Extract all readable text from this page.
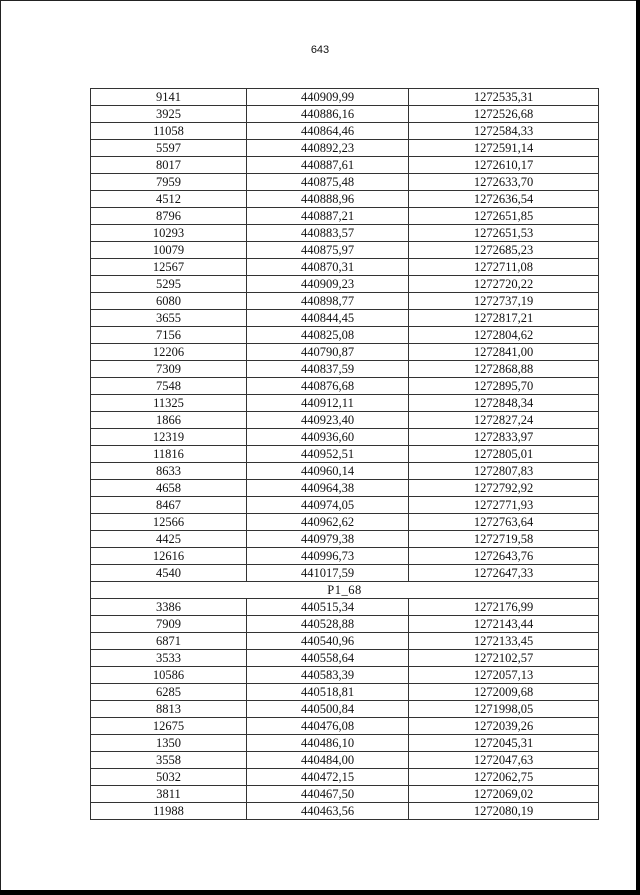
643
9141	440909,99	1272535,31
3925	440886,16	1272526,68
11058	440864,46	1272584,33
5597	440892,23	1272591,14
8017	440887,61	1272610,17
7959	440875,48	1272633,70
4512	440888,96	1272636,54
8796	440887,21	1272651,85
10293	440883,57	1272651,53
10079	440875,97	1272685,23
12567	440870,31	1272711,08
5295	440909,23	1272720,22
6080	440898,77	1272737,19
3655	440844,45	1272817,21
7156	440825,08	1272804,62
12206	440790,87	1272841,00
7309	440837,59	1272868,88
7548	440876,68	1272895,70
11325	440912,11	1272848,34
1866	440923,40	1272827,24
12319	440936,60	1272833,97
11816	440952,51	1272805,01
8633	440960,14	1272807,83
4658	440964,38	1272792,92
8467	440974,05	1272771,93
12566	440962,62	1272763,64
4425	440979,38	1272719,58
12616	440996,73	1272643,76
4540	441017,59	1272647,33
P1_68		
3386	440515,34	1272176,99
7909	440528,88	1272143,44
6871	440540,96	1272133,45
3533	440558,64	1272102,57
10586	440583,39	1272057,13
6285	440518,81	1272009,68
8813	440500,84	1271998,05
12675	440476,08	1272039,26
1350	440486,10	1272045,31
3558	440484,00	1272047,63
5032	440472,15	1272062,75
3811	440467,50	1272069,02
11988	440463,56	1272080,19
